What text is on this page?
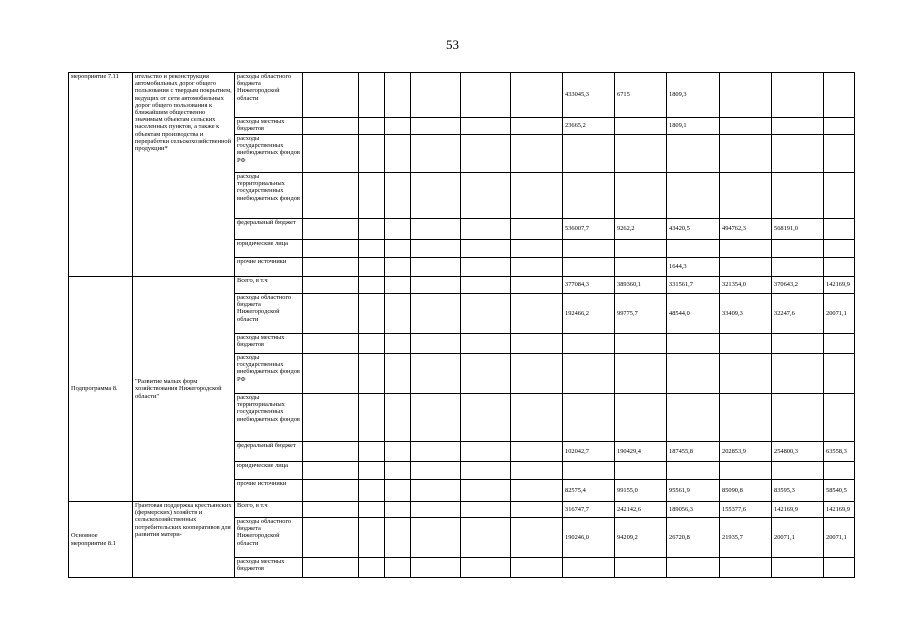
53
мероприятие 7.11	ительство и реконструкция автомобильных дорог общего пользования с твердым покрытием, ведущих от сети автомобильных дорог общего пользования к ближайшим общественно значимым объектам сельских населенных пунктов, а также к объектам производства и переработки сельскохозяйственной продукции*	расходы областного бюджета Нижегородской области							433045,3	6715	1809,3			
		расходы местных бюджетов							23665,2		1809,1			
		расходы государственных внебюджетных фондов РФ												
		расходы территориальных государственных внебюджетных фондов												
		федеральный бюджет							536007,7	9262,2	43420,5	494762,3	568191,0	
		юридические лица												
		прочие источники									1644,3			
Подпрограмма 8.	"Развитие малых форм хозяйствования Нижегородской области"	Всего, в т.ч							377084,3	389360,1	331561,7	321354,0	370643,2	142169,9
		расходы областного бюджета Нижегородской области							192466,2	99775,7	48544,0	33409,3	32247,6	20071,1
		расходы местных бюджетов												
		расходы государственных внебюджетных фондов РФ												
		расходы территориальных государственных внебюджетных фондов												
		федеральный бюджет							102042,7	190429,4	187455,8	202853,9	254800,3	63558,3
		юридические лица												
		прочие источники							82575,4	99155,0	95561,9	85090,8	83595,3	58540,5
Основное мероприятие 8.1	Грантовая поддержка крестьянских (фермерских) хозяйств и сельскохозяйственных потребительских кооперативов для развития матери-	Всего, в т.ч							316747,7	242142,6	189056,3	155377,6	142169,9	142169,9
		расходы областного бюджета Нижегородской области							190246,0	94209,2	26720,8	21935,7	20071,1	20071,1
		расходы местных бюджетов												
